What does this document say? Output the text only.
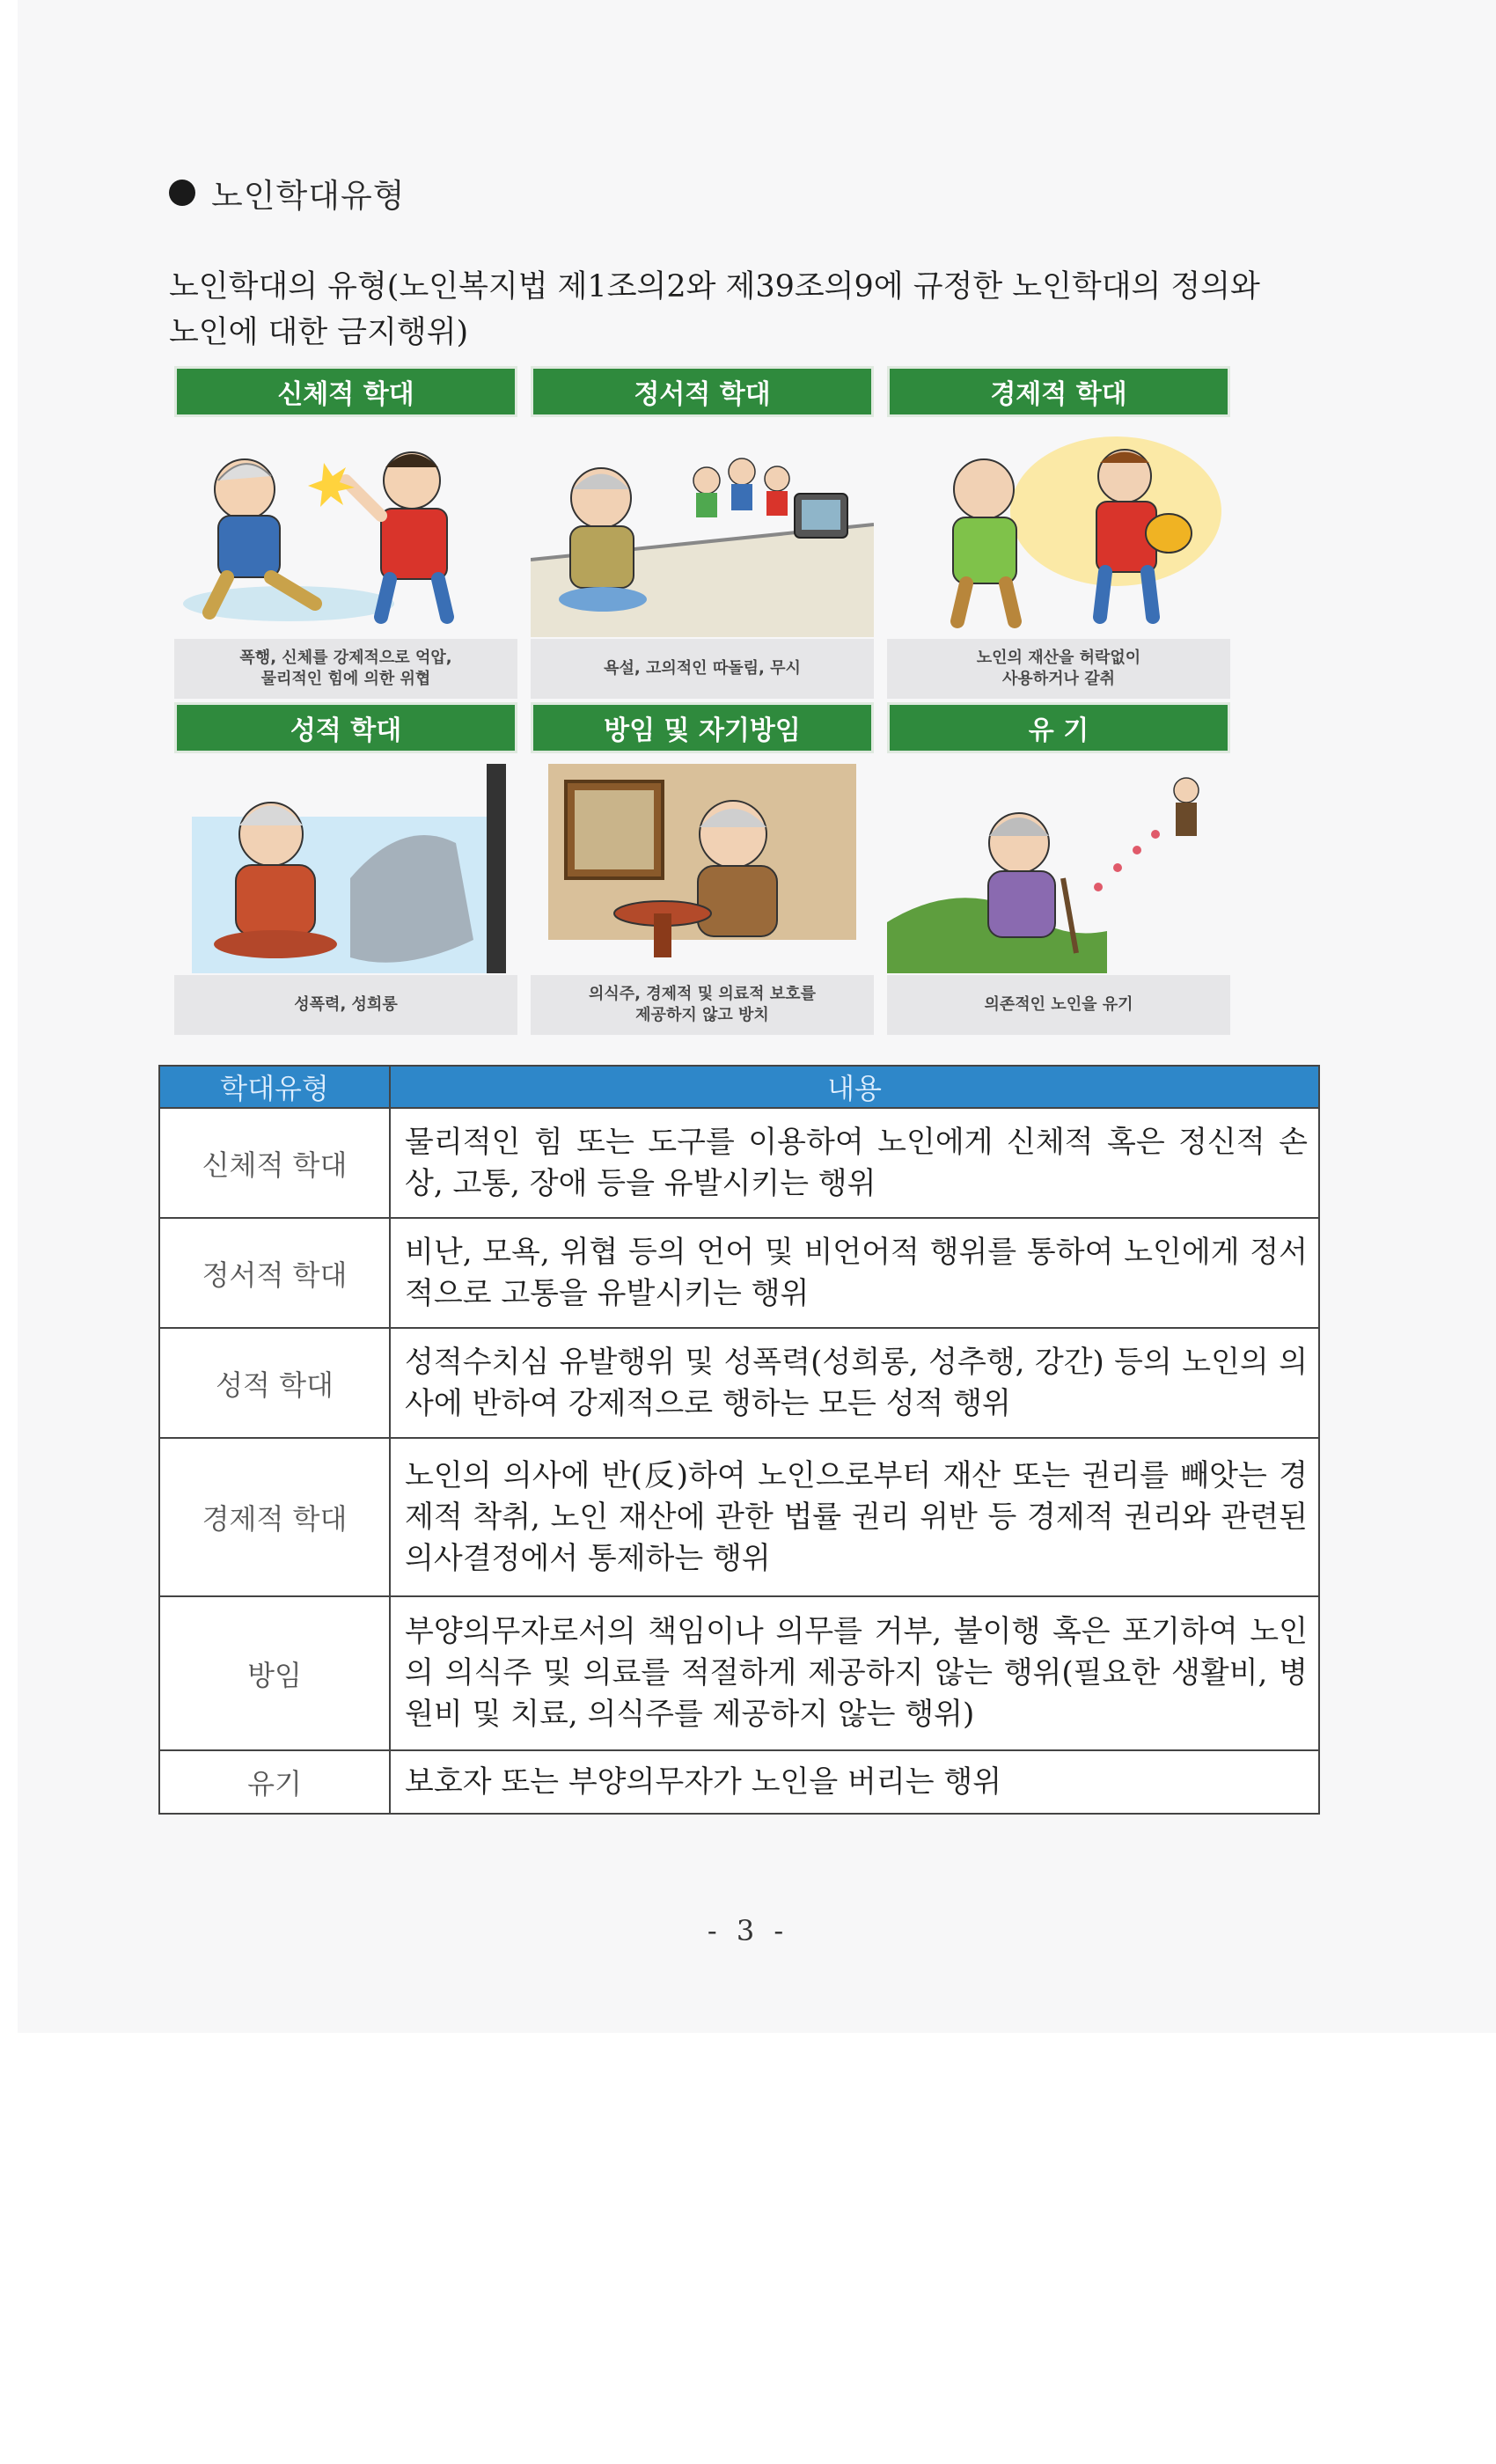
노인학대유형
노인학대의 유형(노인복지법 제1조의2와 제39조의9에 규정한 노인학대의 정의와
노인에 대한 금지행위)
신체적 학대
폭행, 신체를 강제적으로 억압,
물리적인 힘에 의한 위협
정서적 학대
욕설, 고의적인 따돌림, 무시
경제적 학대
노인의 재산을 허락없이
사용하거나 갈취
성적 학대
성폭력, 성희롱
방임 및 자기방임
의식주, 경제적 및 의료적 보호를
제공하지 않고 방치
유 기
의존적인 노인을 유기
학대유형	내용
신체적 학대	물리적인 힘 또는 도구를 이용하여 노인에게 신체적 혹은 정신적 손상, 고통, 장애 등을 유발시키는 행위
정서적 학대	비난, 모욕, 위협 등의 언어 및 비언어적 행위를 통하여 노인에게 정서적으로 고통을 유발시키는 행위
성적 학대	성적수치심 유발행위 및 성폭력(성희롱, 성추행, 강간) 등의 노인의 의사에 반하여 강제적으로 행하는 모든 성적 행위
경제적 학대	노인의 의사에 반(反)하여 노인으로부터 재산 또는 권리를 빼앗는 경제적 착취, 노인 재산에 관한 법률 권리 위반 등 경제적 권리와 관련된 의사결정에서 통제하는 행위
방임	부양의무자로서의 책임이나 의무를 거부, 불이행 혹은 포기하여 노인의 의식주 및 의료를 적절하게 제공하지 않는 행위(필요한 생활비, 병원비 및 치료, 의식주를 제공하지 않는 행위)
유기	보호자 또는 부양의무자가 노인을 버리는 행위
- 3 -
